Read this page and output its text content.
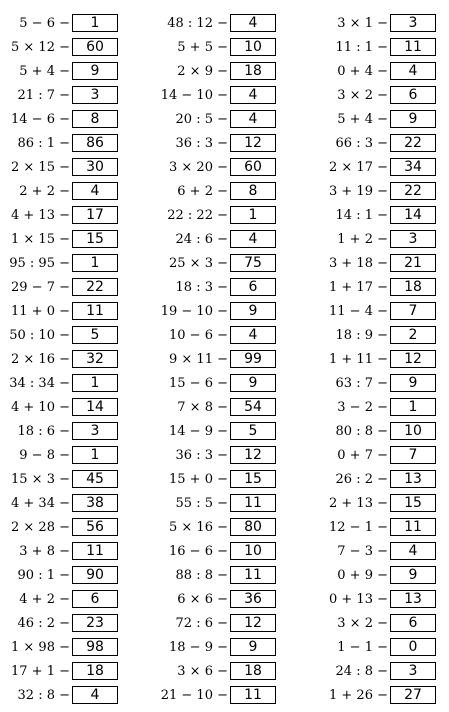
5 − 6 −	1
5 × 12 −	60
5 + 4 −	9
21 : 7 −	3
14 − 6 −	8
86 : 1 −	86
2 × 15 −	30
2 + 2 −	4
4 + 13 −	17
1 × 15 −	15
95 : 95 −	1
29 − 7 −	22
11 + 0 −	11
50 : 10 −	5
2 × 16 −	32
34 : 34 −	1
4 + 10 −	14
18 : 6 −	3
9 − 8 −	1
15 × 3 −	45
4 + 34 −	38
2 × 28 −	56
3 + 8 −	11
90 : 1 −	90
4 + 2 −	6
46 : 2 −	23
1 × 98 −	98
17 + 1 −	18
32 : 8 −	4
48 : 12 −	4
5 + 5 −	10
2 × 9 −	18
14 − 10 −	4
20 : 5 −	4
36 : 3 −	12
3 × 20 −	60
6 + 2 −	8
22 : 22 −	1
24 : 6 −	4
25 × 3 −	75
18 : 3 −	6
19 − 10 −	9
10 − 6 −	4
9 × 11 −	99
15 − 6 −	9
7 × 8 −	54
14 − 9 −	5
36 : 3 −	12
15 + 0 −	15
55 : 5 −	11
5 × 16 −	80
16 − 6 −	10
88 : 8 −	11
6 × 6 −	36
72 : 6 −	12
18 − 9 −	9
3 × 6 −	18
21 − 10 −	11
3 × 1 −	3
11 : 1 −	11
0 + 4 −	4
3 × 2 −	6
5 + 4 −	9
66 : 3 −	22
2 × 17 −	34
3 + 19 −	22
14 : 1 −	14
1 + 2 −	3
3 + 18 −	21
1 + 17 −	18
11 − 4 −	7
18 : 9 −	2
1 + 11 −	12
63 : 7 −	9
3 − 2 −	1
80 : 8 −	10
0 + 7 −	7
26 : 2 −	13
2 + 13 −	15
12 − 1 −	11
7 − 3 −	4
0 + 9 −	9
0 + 13 −	13
3 × 2 −	6
1 − 1 −	0
24 : 8 −	3
1 + 26 −	27
